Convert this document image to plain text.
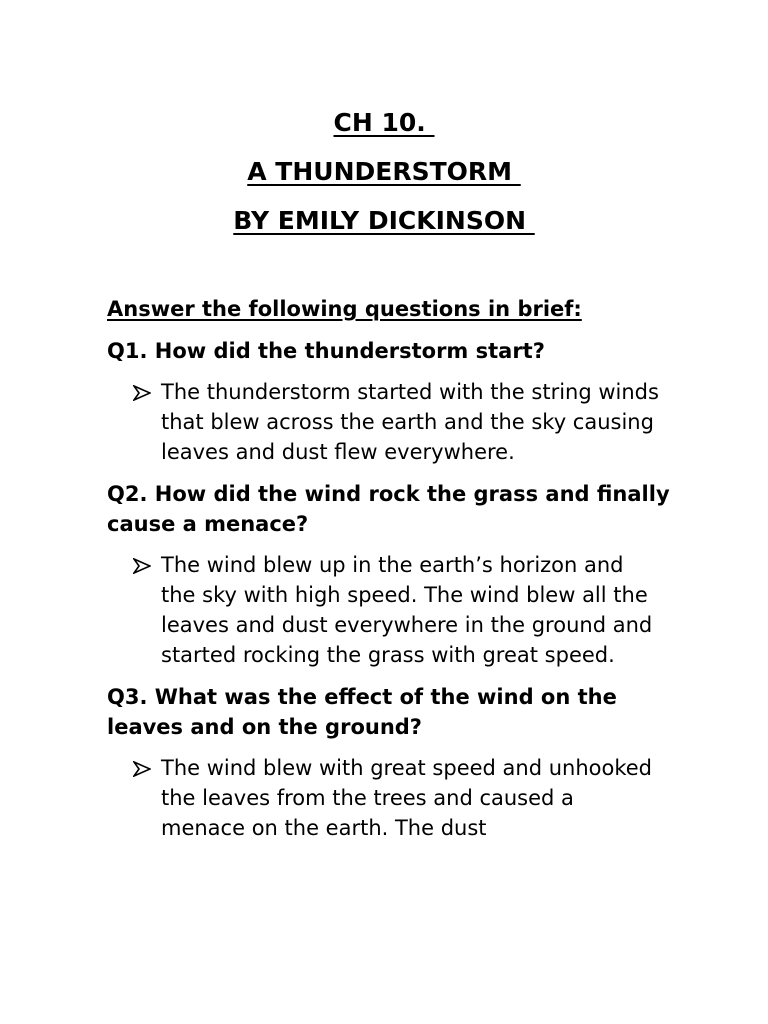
CH 10.
A THUNDERSTORM
BY EMILY DICKINSON
Answer the following questions in brief:
Q1. How did the thunderstorm start?
The thunderstorm started with the string winds that blew across the earth and the sky causing leaves and dust flew everywhere.
Q2. How did the wind rock the grass and finally cause a menace?
The wind blew up in the earth’s horizon and the sky with high speed. The wind blew all the leaves and dust everywhere in the ground and started rocking the grass with great speed.
Q3. What was the effect of the wind on the leaves and on the ground?
The wind blew with great speed and unhooked the leaves from the trees and caused a menace on the earth. The dust
